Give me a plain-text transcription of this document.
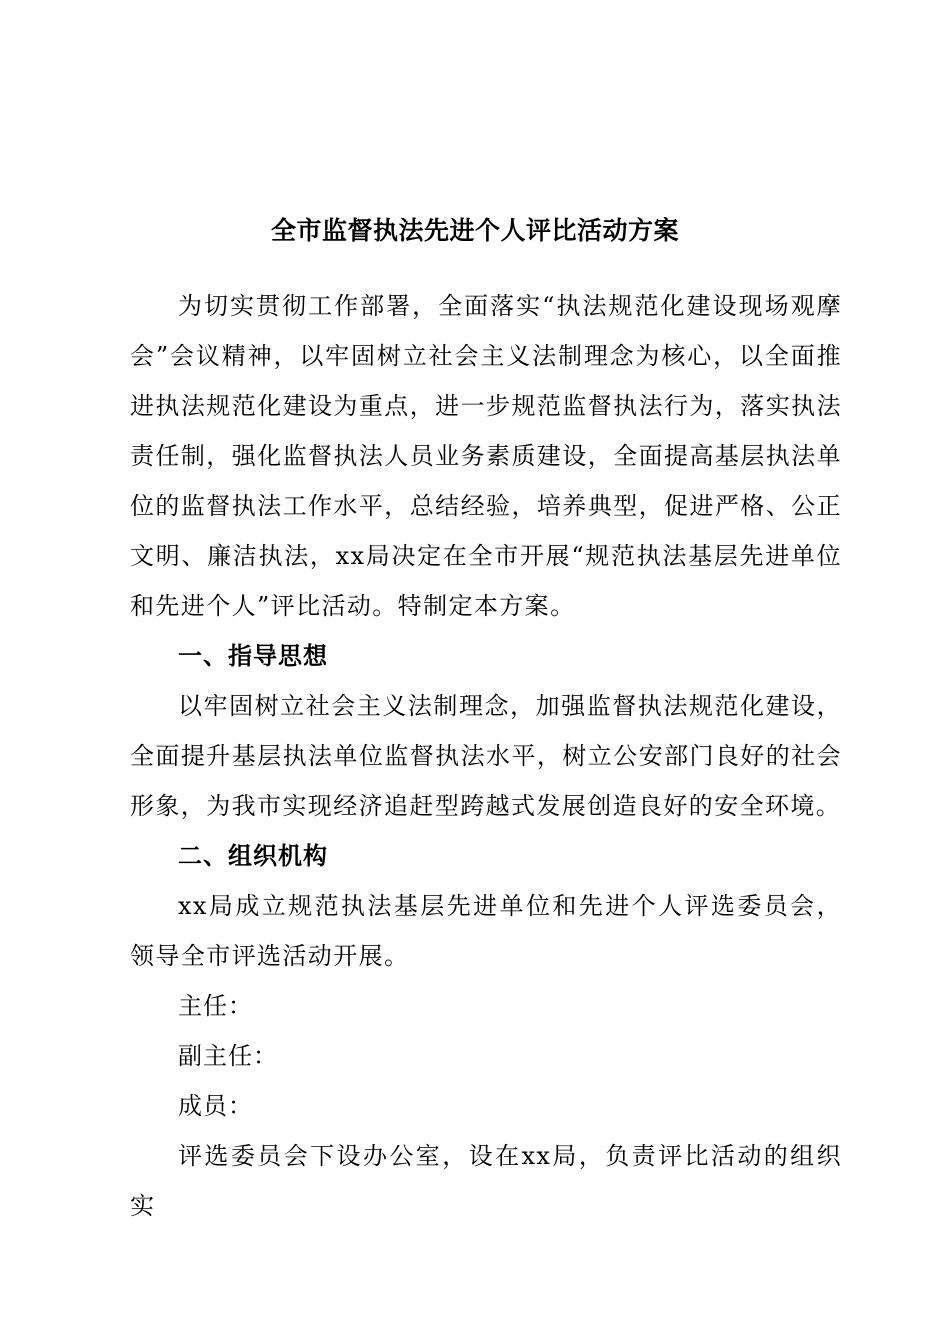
全市监督执法先进个人评比活动方案

为切实贯彻工作部署，全面落实“执法规范化建设现场观摩会”会议精神，以牢固树立社会主义法制理念为核心，以全面推进执法规范化建设为重点，进一步规范监督执法行为，落实执法责任制，强化监督执法人员业务素质建设，全面提高基层执法单位的监督执法工作水平，总结经验，培养典型，促进严格、公正文明、廉洁执法，xx局决定在全市开展“规范执法基层先进单位和先进个人”评比活动。特制定本方案。

一、指导思想

以牢固树立社会主义法制理念，加强监督执法规范化建设，全面提升基层执法单位监督执法水平，树立公安部门良好的社会形象，为我市实现经济追赶型跨越式发展创造良好的安全环境。

二、组织机构

xx局成立规范执法基层先进单位和先进个人评选委员会，领导全市评选活动开展。

主任：

副主任：

成员：

评选委员会下设办公室，设在xx局，负责评比活动的组织实
